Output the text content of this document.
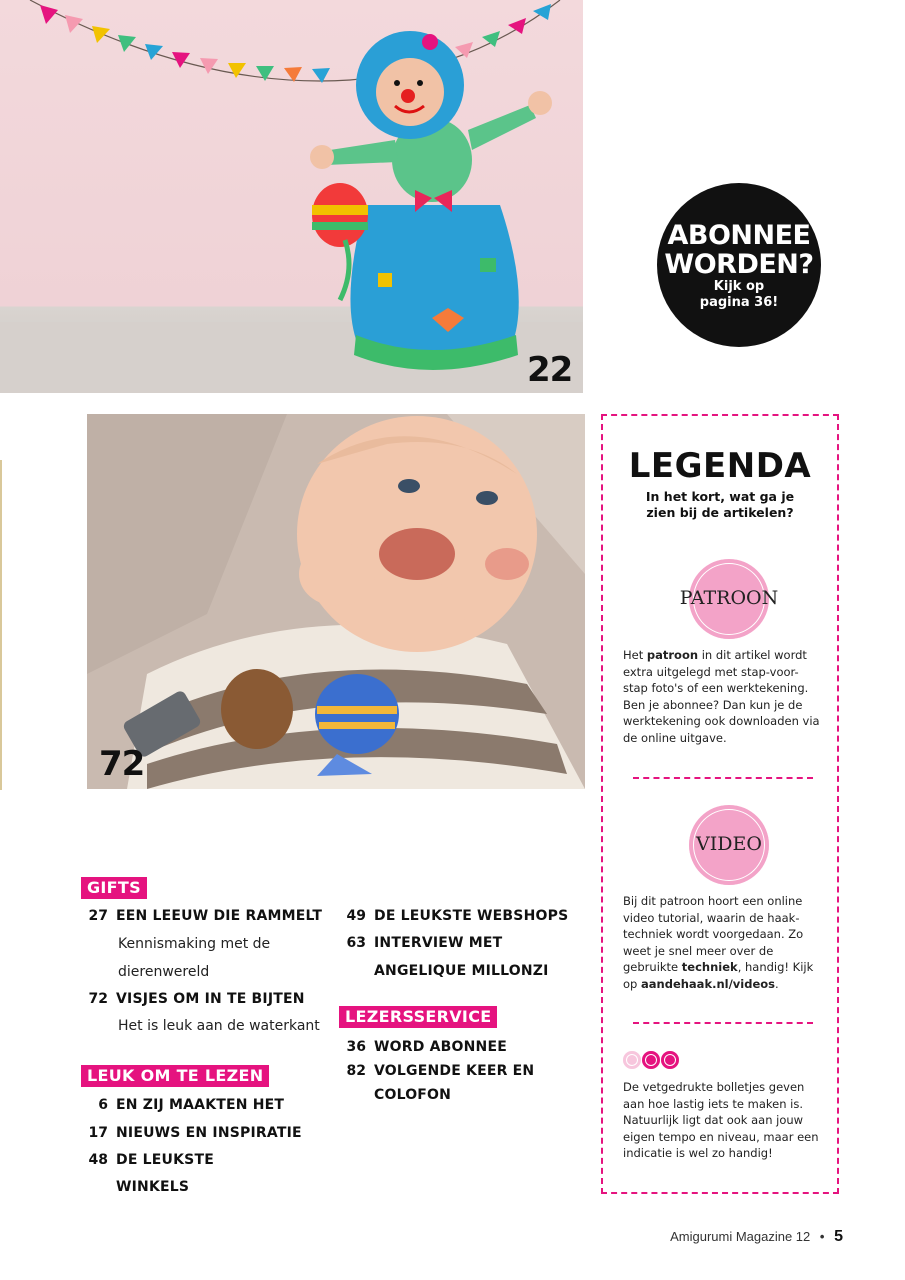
22
ABONNEE
WORDEN?
Kijk op
pagina 36!
72
GIFTS
27 EEN LEEUW DIE RAMMELT
Kennismaking met de
dierenwereld
72 VISJES OM IN TE BIJTEN
Het is leuk aan de waterkant
LEUK OM TE LEZEN
6 EN ZIJ MAAKTEN HET
17 NIEUWS EN INSPIRATIE
48 DE LEUKSTE
WINKELS
49 DE LEUKSTE WEBSHOPS
63 INTERVIEW MET
ANGELIQUE MILLONZI
LEZERSSERVICE
36 WORD ABONNEE
82 VOLGENDE KEER EN
COLOFON
LEGENDA
In het kort, wat ga je
zien bij de artikelen?
PATROON
Het patroon in dit artikel wordt extra uitgelegd met stap-voor-stap foto's of een werktekening. Ben je abonnee? Dan kun je de werktekening ook downloaden via de online uitgave.
VIDEO
Bij dit patroon hoort een online video tutorial, waarin de haak-techniek wordt voorgedaan. Zo weet je snel meer over de gebruikte techniek, handig! Kijk op aandehaak.nl/videos.
De vetgedrukte bolletjes geven aan hoe lastig iets te maken is. Natuurlijk ligt dat ook aan jouw eigen tempo en niveau, maar een indicatie is wel zo handig!
Amigurumi Magazine 12 • 5
